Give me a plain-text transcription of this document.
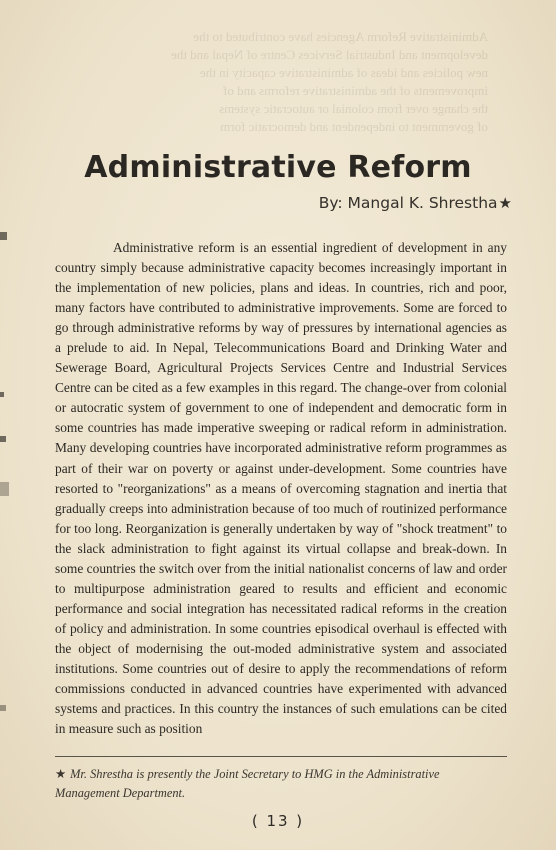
Administrative Reform Agencies have contributed to the
development and Industrial Services Centre of Nepal and the
new policies and ideas of administrative capacity in the
improvements of the administrative reforms and of
the change over from colonial or autocratic systems
of government to independent and democratic form
Administrative Reform
By: Mangal K. Shrestha★

Administrative reform is an essential ingredient of development in any country simply because administrative capacity becomes increasingly important in the implementation of new policies, plans and ideas. In countries, rich and poor, many factors have contributed to administrative improvements. Some are forced to go through administrative reforms by way of pressures by international agencies as a prelude to aid. In Nepal, Telecommunications Board and Drinking Water and Sewerage Board, Agricultural Projects Services Centre and Industrial Services Centre can be cited as a few examples in this regard. The change-over from colonial or autocratic system of government to one of independent and democratic form in some countries has made imperative sweeping or radical reform in administration. Many developing countries have incorporated administrative reform programmes as part of their war on poverty or against under-development. Some countries have resorted to "reorganizations" as a means of overcoming stagnation and inertia that gradually creeps into administration because of too much of routinized performance for too long. Reorganization is generally undertaken by way of "shock treatment" to the slack administration to fight against its virtual collapse and break-down. In some countries the switch over from the initial nationalist concerns of law and order to multipurpose administration geared to results and efficient and economic performance and social integration has necessitated radical reforms in the creation of policy and administration. In some countries episodical overhaul is effected with the object of modernising the out-moded administrative system and associated institutions. Some countries out of desire to apply the recommendations of reform commissions conducted in advanced countries have experimented with advanced systems and practices. In this country the instances of such emulations can be cited in measure such as position

★ Mr. Shrestha is presently the Joint Secretary to HMG in the Administrative Management Department.

( 13 )
